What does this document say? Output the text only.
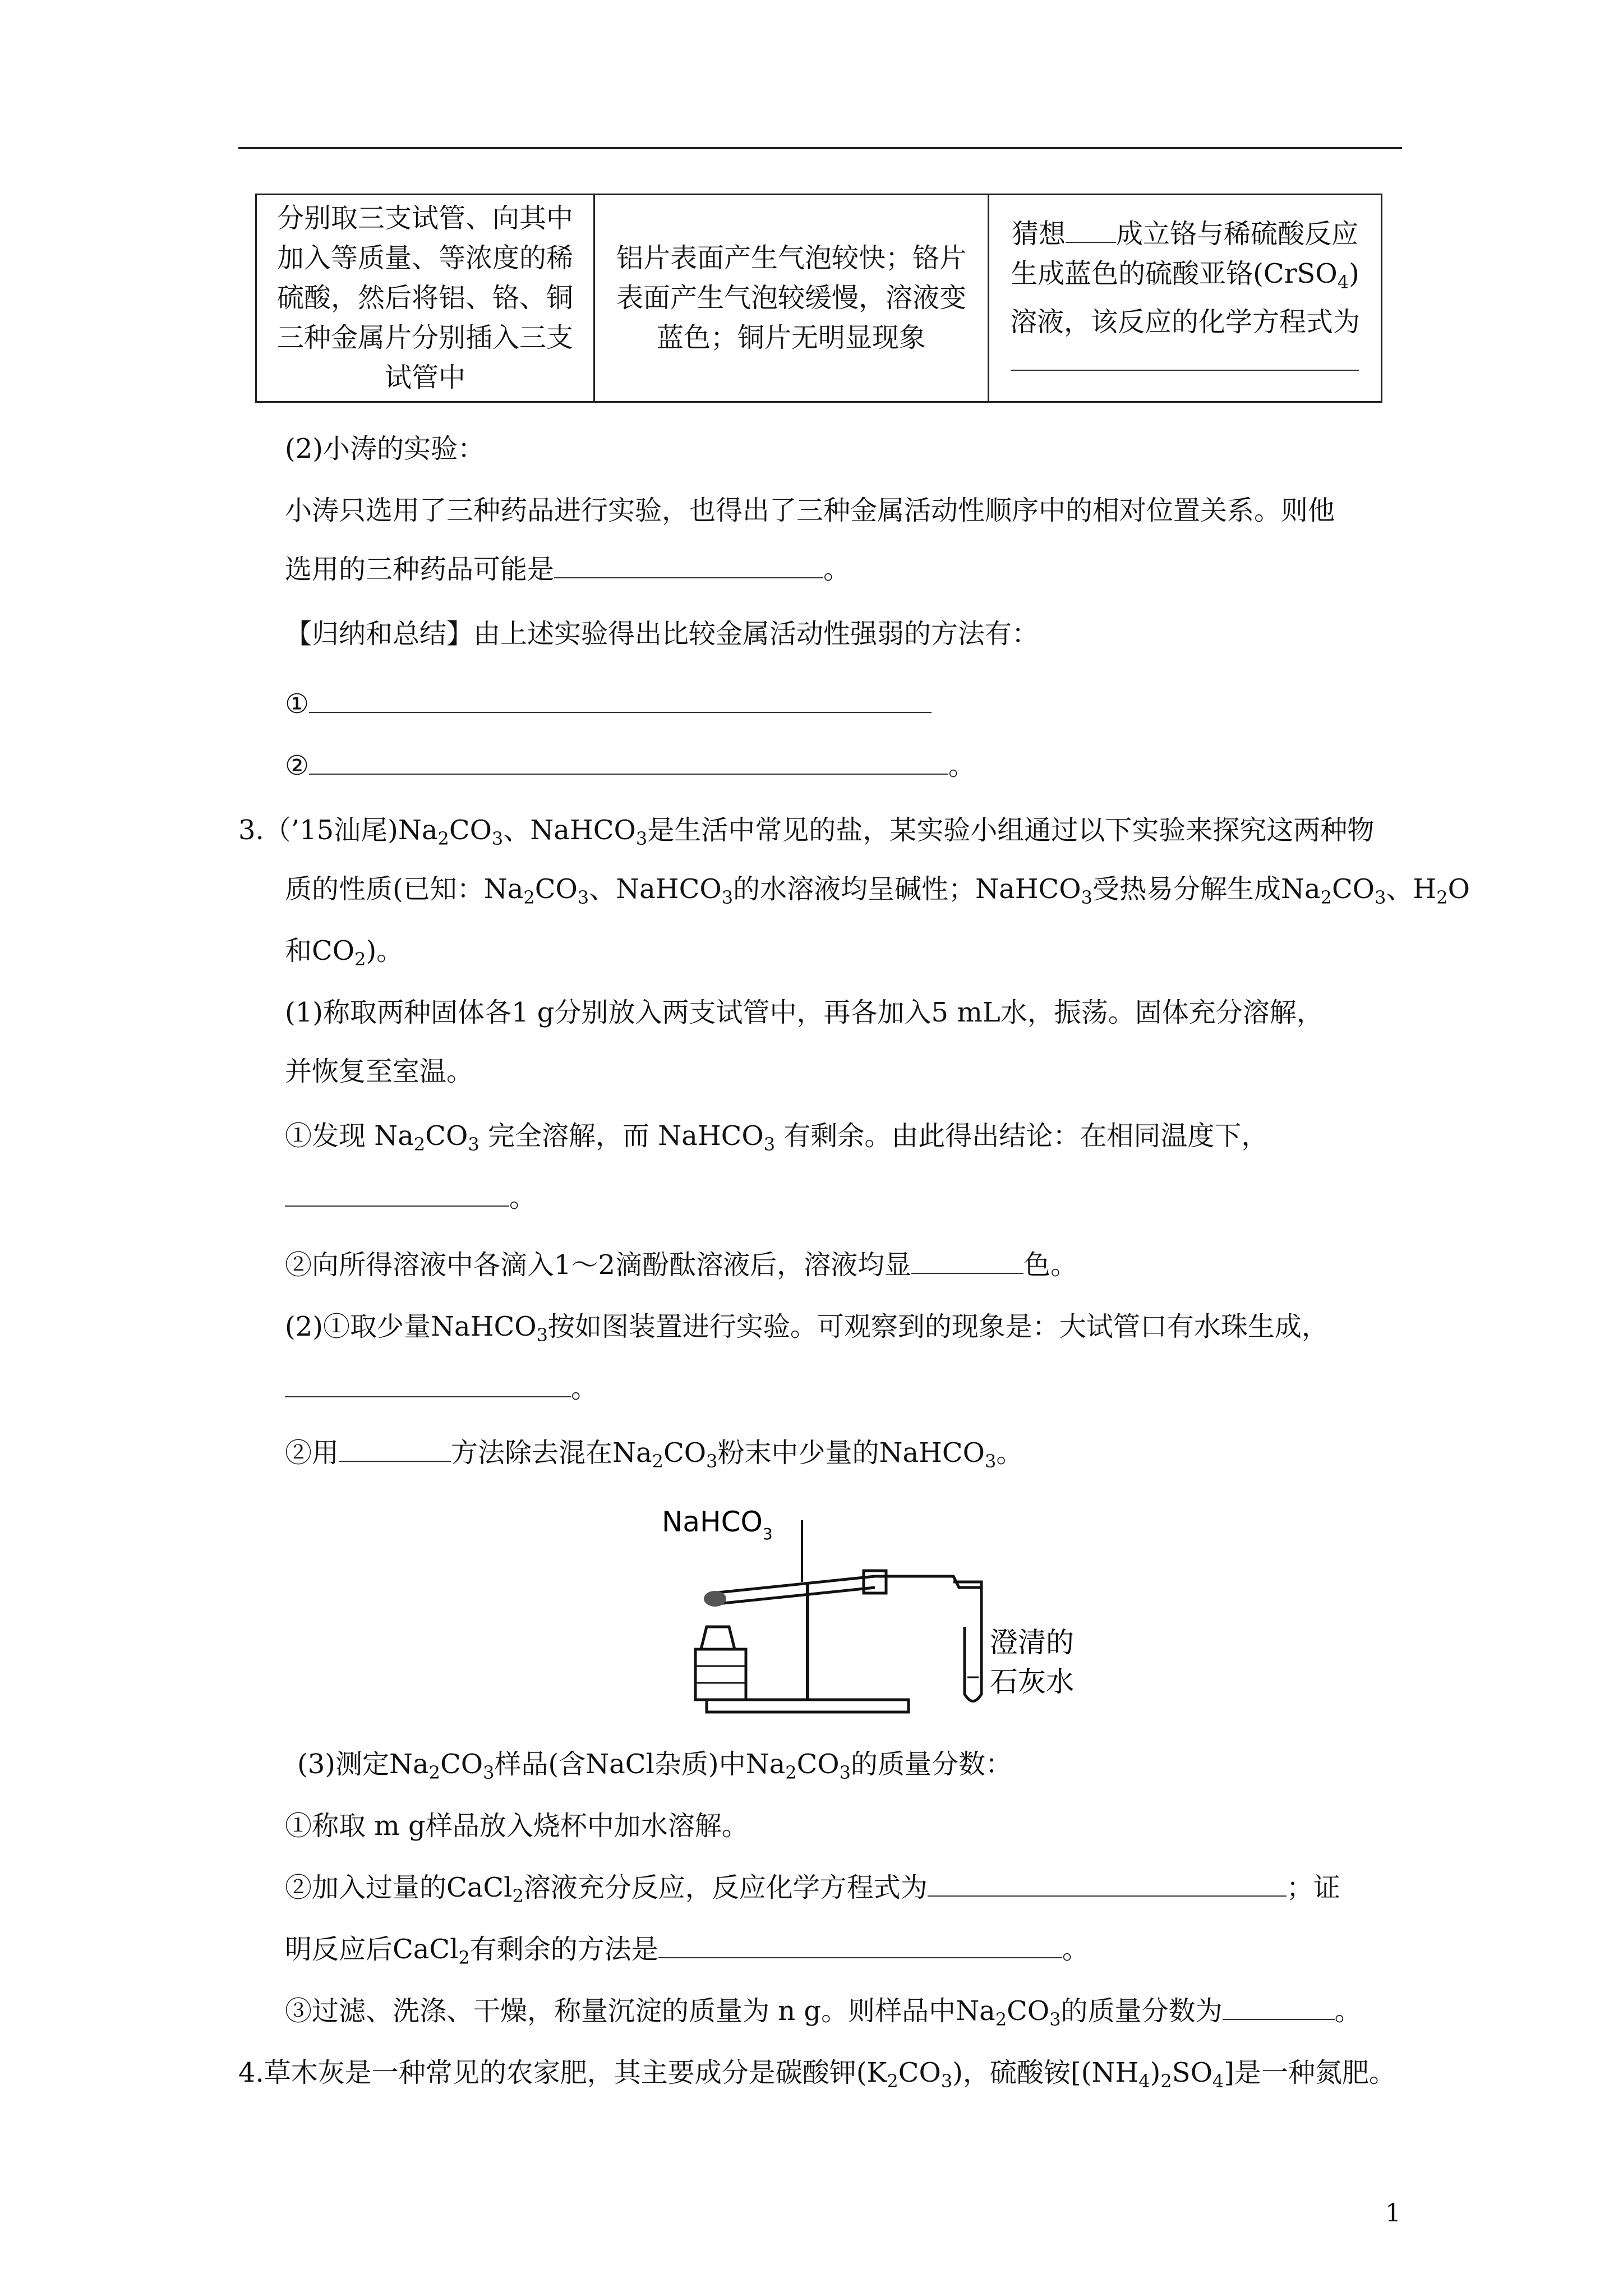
分别取三支试管、向其中加入等质量、等浓度的稀硫酸，然后将铝、铬、铜三种金属片分别插入三支试管中	铝片表面产生气泡较快；铬片表面产生气泡较缓慢，溶液变蓝色；铜片无明显现象	猜想 成立铬与稀硫酸反应生成蓝色的硫酸亚铬(CrSO$_4$)溶液，该反应的化学方程式为

(2)小涛的实验：
小涛只选用了三种药品进行实验，也得出了三种金属活动性顺序中的相对位置关系。则他
选用的三种药品可能是	。
【归纳和总结】由上述实验得出比较金属活动性强弱的方法有：
①
②	。
3.（’15汕尾)$Na_2CO_3$、NaHCO$_3$是生活中常见的盐，某实验小组通过以下实验来探究这两种物
质的性质(已知：$Na_2CO_3$、NaHCO$_3$的水溶液均呈碱性；NaHCO$_3$受热易分解生成$Na_2CO_3$、$H_2O$
和$CO_2$)。
(1)称取两种固体各1 g分别放入两支试管中，再各加入5 mL水，振荡。固体充分溶解，
并恢复至室温。
①发现 $Na_2CO_3$ 完全溶解，而 NaHCO$_3$ 有剩余。由此得出结论：在相同温度下，
。
②向所得溶液中各滴入1～2滴酚酞溶液后，溶液均显	色。
(2)①取少量NaHCO$_3$按如图装置进行实验。可观察到的现象是：大试管口有水珠生成，
。
②用	方法除去混在$Na_2CO_3$粉末中少量的NaHCO$_3$。
NaHCO$_3$
澄清的
石灰水
(3)测定$Na_2CO_3$样品(含NaCl杂质)中$Na_2CO_3$的质量分数：
①称取 m g样品放入烧杯中加水溶解。
②加入过量的CaCl$_2$溶液充分反应，反应化学方程式为	；证
明反应后CaCl$_2$有剩余的方法是	。
③过滤、洗涤、干燥，称量沉淀的质量为 n g。则样品中$Na_2CO_3$的质量分数为	。
4.草木灰是一种常见的农家肥，其主要成分是碳酸钾$(K_2CO_3)$，硫酸铵$[(NH_4)_2SO_4]$是一种氮肥。
1
